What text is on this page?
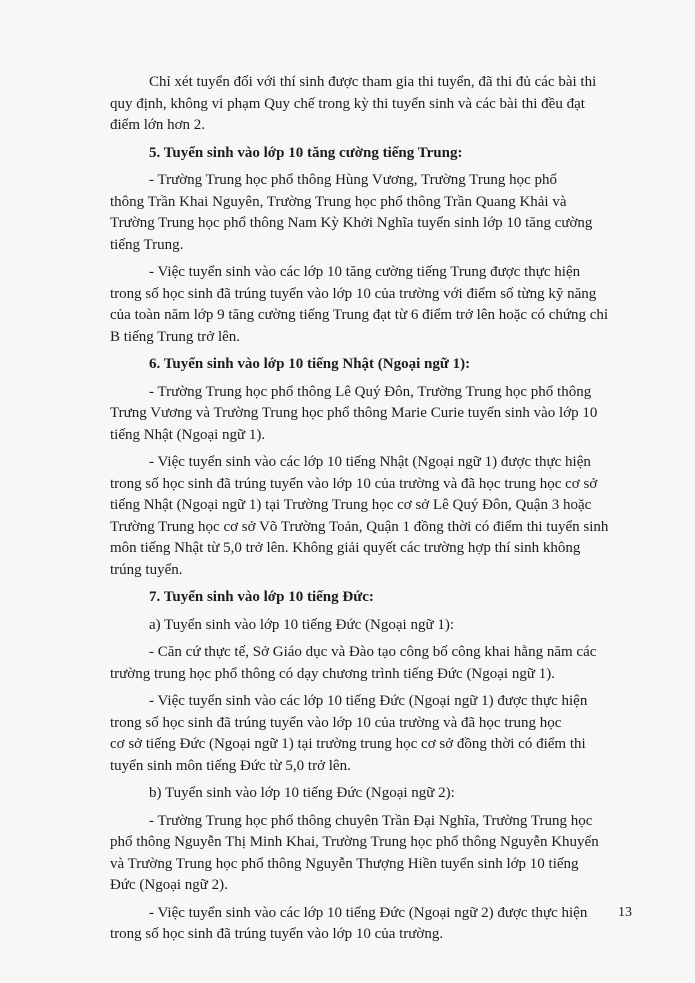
Chỉ xét tuyển đối với thí sinh được tham gia thi tuyển, đã thi đủ các bài thi
quy định, không vi phạm Quy chế trong kỳ thi tuyển sinh và các bài thi đều đạt
điểm lớn hơn 2.
5. Tuyển sinh vào lớp 10 tăng cường tiếng Trung:
- Trường Trung học phổ thông Hùng Vương, Trường Trung học phổ
thông Trần Khai Nguyên, Trường Trung học phổ thông Trần Quang Khải và
Trường Trung học phổ thông Nam Kỳ Khởi Nghĩa tuyển sinh lớp 10 tăng cường
tiếng Trung.
- Việc tuyển sinh vào các lớp 10 tăng cường tiếng Trung được thực hiện
trong số học sinh đã trúng tuyển vào lớp 10 của trường với điểm số từng kỹ năng
của toàn năm lớp 9 tăng cường tiếng Trung đạt từ 6 điểm trở lên hoặc có chứng chỉ
B tiếng Trung trở lên.
6. Tuyển sinh vào lớp 10 tiếng Nhật (Ngoại ngữ 1):
- Trường Trung học phổ thông Lê Quý Đôn, Trường Trung học phổ thông
Trưng Vương và Trường Trung học phổ thông Marie Curie tuyển sinh vào lớp 10
tiếng Nhật (Ngoại ngữ 1).
- Việc tuyển sinh vào các lớp 10 tiếng Nhật (Ngoại ngữ 1) được thực hiện
trong số học sinh đã trúng tuyển vào lớp 10 của trường và đã học trung học cơ sở
tiếng Nhật (Ngoại ngữ 1) tại Trường Trung học cơ sở Lê Quý Đôn, Quận 3 hoặc
Trường Trung học cơ sở Võ Trường Toản, Quận 1 đồng thời có điểm thi tuyển sinh
môn tiếng Nhật từ 5,0 trở lên. Không giải quyết các trường hợp thí sinh không
trúng tuyển.
7. Tuyển sinh vào lớp 10 tiếng Đức:
a) Tuyển sinh vào lớp 10 tiếng Đức (Ngoại ngữ 1):
- Căn cứ thực tế, Sở Giáo dục và Đào tạo công bố công khai hằng năm các
trường trung học phổ thông có dạy chương trình tiếng Đức (Ngoại ngữ 1).
- Việc tuyển sinh vào các lớp 10 tiếng Đức (Ngoại ngữ 1) được thực hiện
trong số học sinh đã trúng tuyển vào lớp 10 của trường và đã học trung học
cơ sở tiếng Đức (Ngoại ngữ 1) tại trường trung học cơ sở đồng thời có điểm thi
tuyển sinh môn tiếng Đức từ 5,0 trở lên.
b) Tuyển sinh vào lớp 10 tiếng Đức (Ngoại ngữ 2):
- Trường Trung học phổ thông chuyên Trần Đại Nghĩa, Trường Trung học
phổ thông Nguyễn Thị Minh Khai, Trường Trung học phổ thông Nguyễn Khuyến
và Trường Trung học phổ thông Nguyễn Thượng Hiền tuyển sinh lớp 10 tiếng
Đức (Ngoại ngữ 2).
- Việc tuyển sinh vào các lớp 10 tiếng Đức (Ngoại ngữ 2) được thực hiện
trong số học sinh đã trúng tuyển vào lớp 10 của trường.
13
